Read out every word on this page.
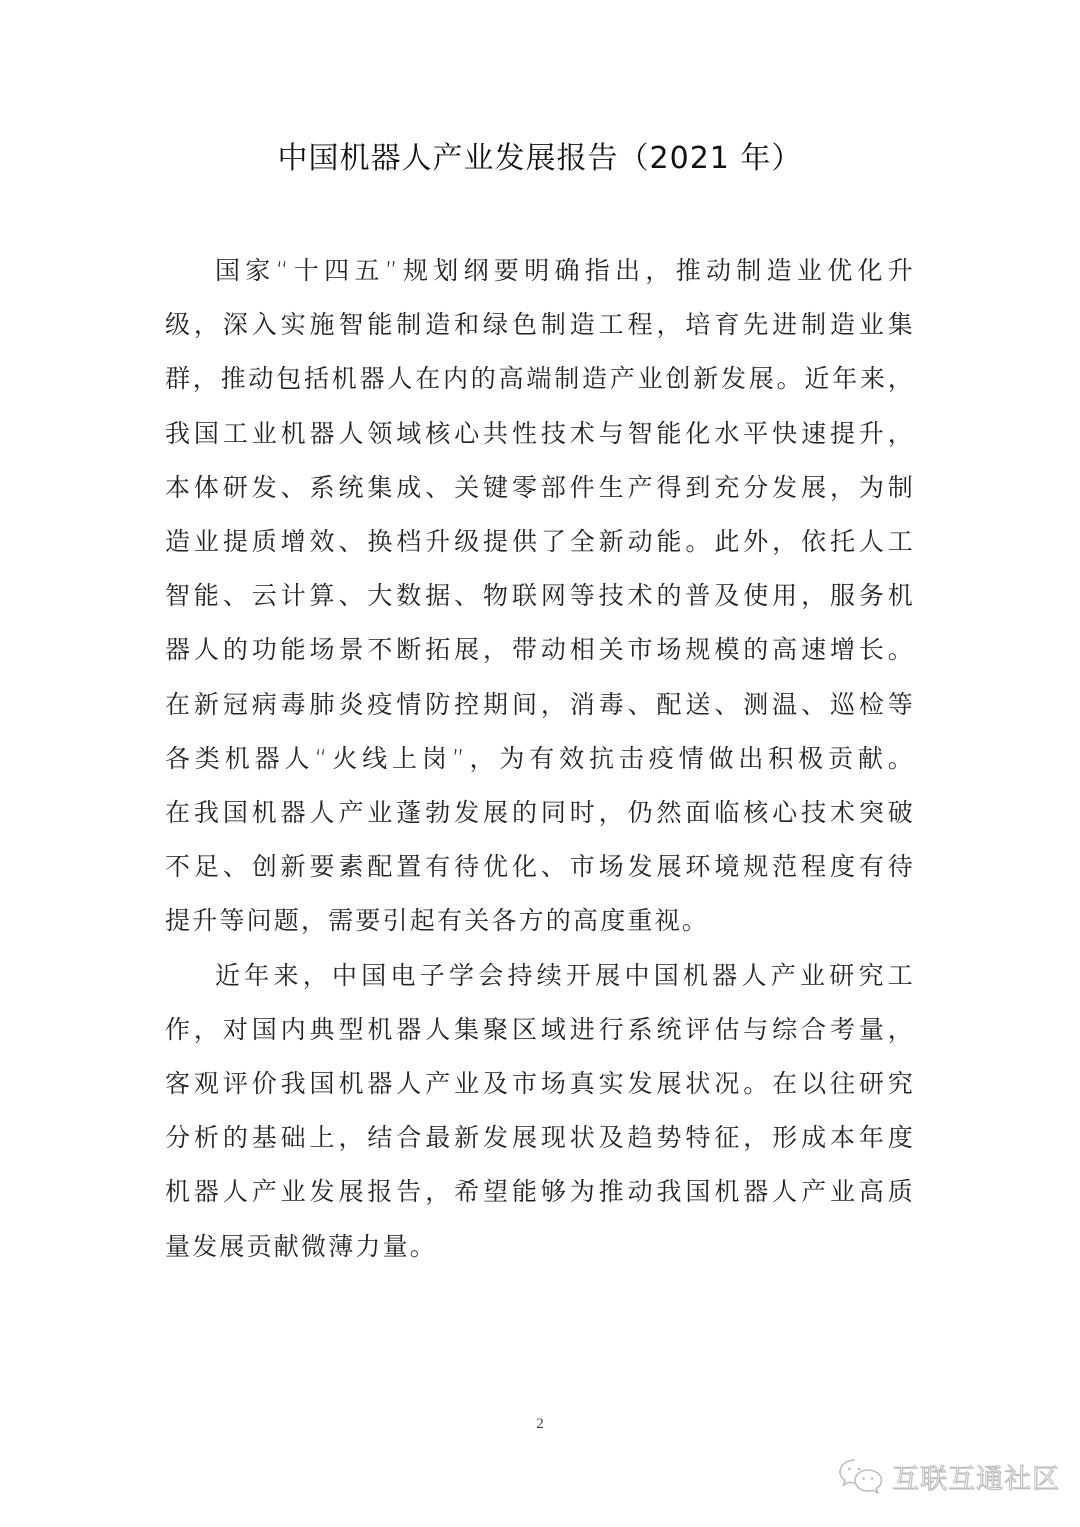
中国机器人产业发展报告（2021 年）

国家“十四五”规划纲要明确指出，推动制造业优化升
级，深入实施智能制造和绿色制造工程，培育先进制造业集
群，推动包括机器人在内的高端制造产业创新发展。近年来，
我国工业机器人领域核心共性技术与智能化水平快速提升，
本体研发、系统集成、关键零部件生产得到充分发展，为制
造业提质增效、换档升级提供了全新动能。此外，依托人工
智能、云计算、大数据、物联网等技术的普及使用，服务机
器人的功能场景不断拓展，带动相关市场规模的高速增长。
在新冠病毒肺炎疫情防控期间，消毒、配送、测温、巡检等
各类机器人“火线上岗”，为有效抗击疫情做出积极贡献。
在我国机器人产业蓬勃发展的同时，仍然面临核心技术突破
不足、创新要素配置有待优化、市场发展环境规范程度有待
提升等问题，需要引起有关各方的高度重视。

近年来，中国电子学会持续开展中国机器人产业研究工
作，对国内典型机器人集聚区域进行系统评估与综合考量，
客观评价我国机器人产业及市场真实发展状况。在以往研究
分析的基础上，结合最新发展现状及趋势特征，形成本年度
机器人产业发展报告，希望能够为推动我国机器人产业高质
量发展贡献微薄力量。

2
互联互通社区
